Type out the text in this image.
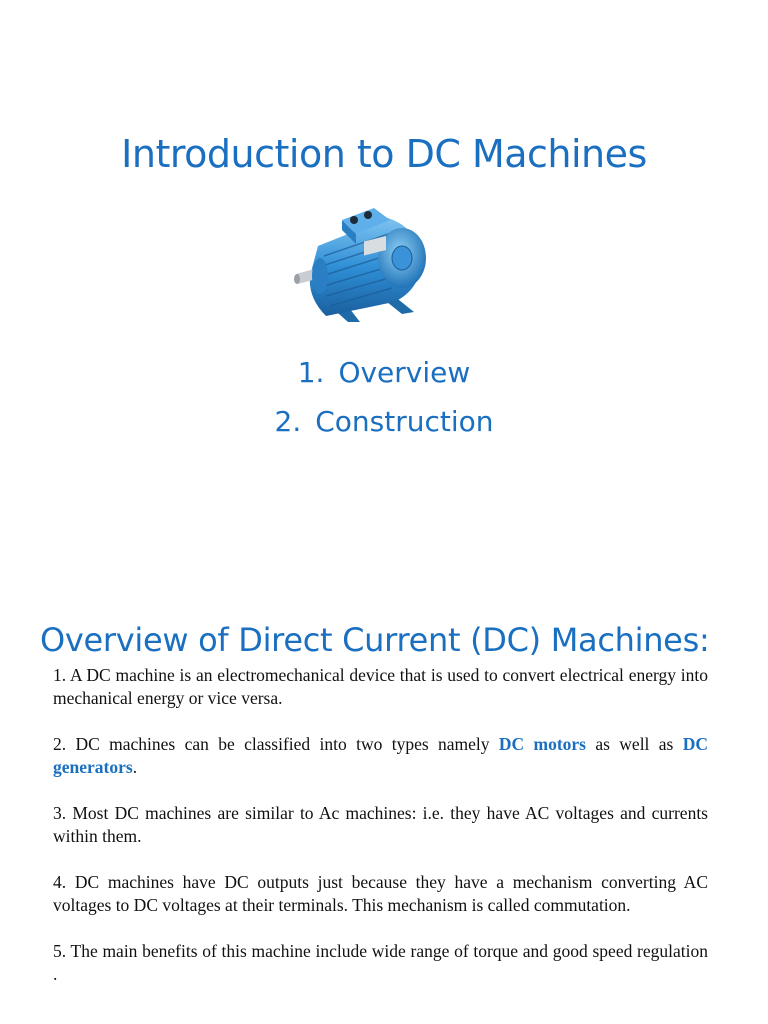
Introduction to DC Machines
1. Overview
2. Construction
Overview of Direct Current (DC) Machines:

1. A DC machine is an electromechanical device that is used to convert electrical energy into mechanical energy or vice versa.

2. DC machines can be classified into two types namely DC motors as well as DC generators.

3. Most DC machines are similar to Ac machines: i.e. they have AC voltages and currents within them.

4. DC machines have DC outputs just because they have a mechanism converting AC voltages to DC voltages at their terminals. This mechanism is called commutation.

5. The main benefits of this machine include wide range of torque and good speed regulation .
